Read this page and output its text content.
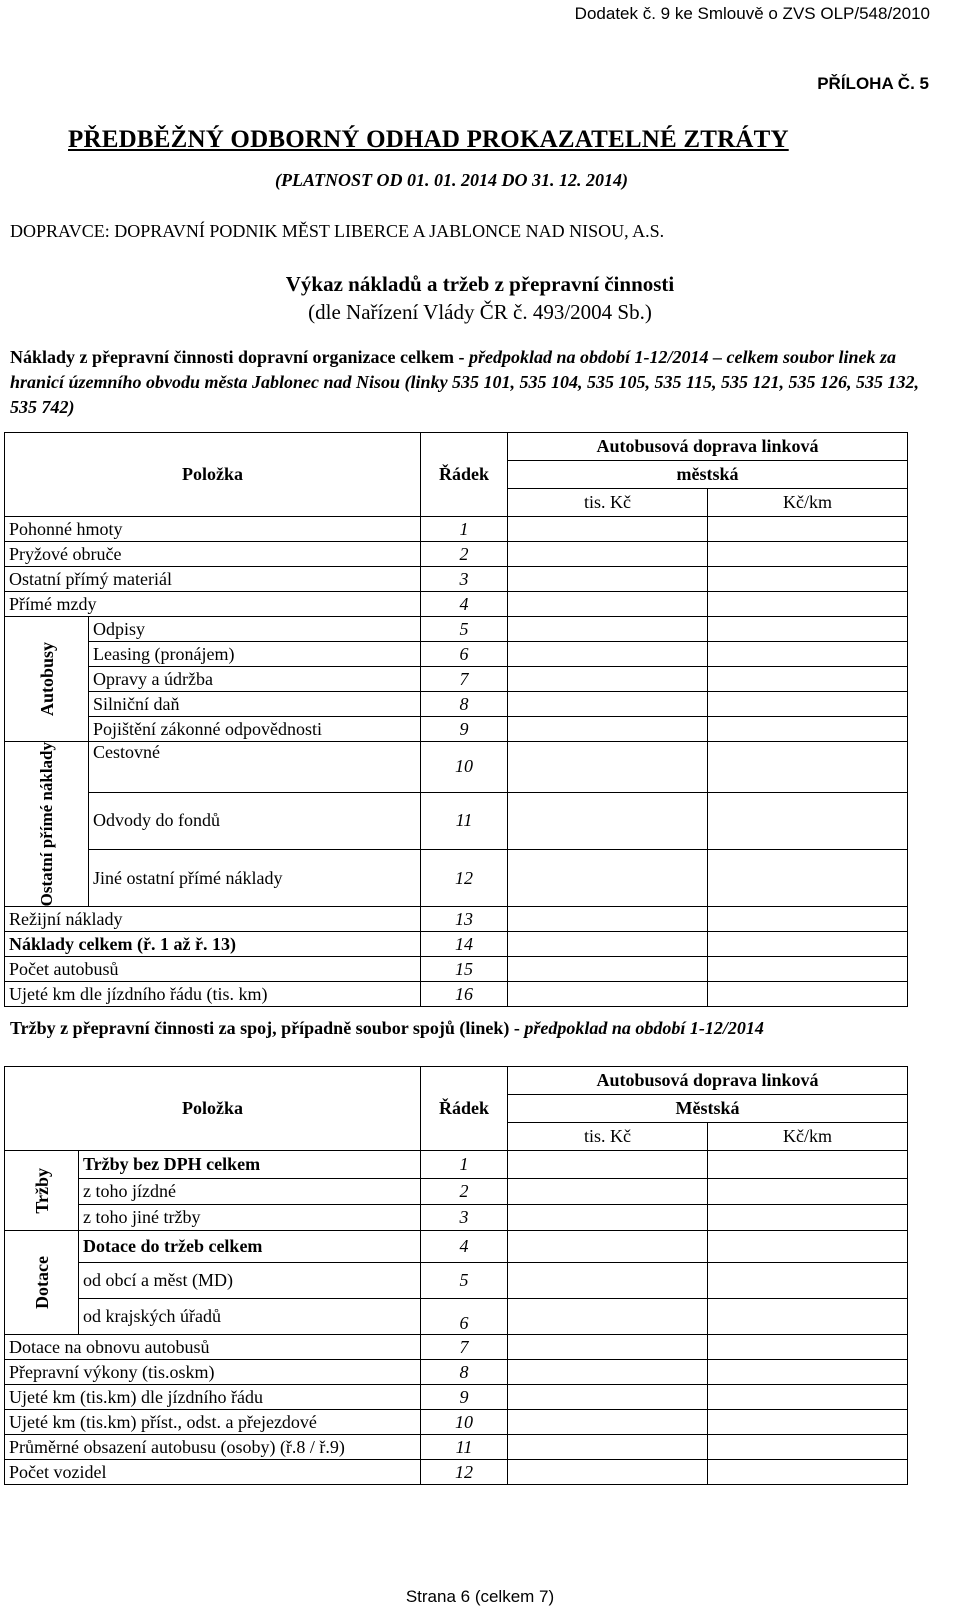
Dodatek č. 9 ke Smlouvě o ZVS OLP/548/2010
PŘÍLOHA Č. 5
PŘEDBĚŽNÝ ODBORNÝ ODHAD PROKAZATELNÉ ZTRÁTY
(PLATNOST OD 01. 01. 2014 DO 31. 12. 2014)
DOPRAVCE: DOPRAVNÍ PODNIK MĚST LIBERCE A JABLONCE NAD NISOU, A.S.
Výkaz nákladů a tržeb z přepravní činnosti
(dle Nařízení Vlády ČR č. 493/2004 Sb.)
Náklady z přepravní činnosti dopravní organizace celkem - předpoklad na období 1-12/2014 – celkem soubor linek za hranicí územního obvodu města Jablonec nad Nisou (linky 535 101, 535 104, 535 105, 535 115, 535 121, 535 126, 535 132, 535 742)
Položka		Řádek	Autobusová doprava linková	
			městská	
			tis. Kč	Kč/km
Pohonné hmoty		1		
Pryžové obruče		2		
Ostatní přímý materiál		3		
Přímé mzdy		4		

Autobusy	Odpisy	5		
	Leasing (pronájem)	6		
	Opravy a údržba	7		
	Silniční daň	8		
	Pojištění zákonné odpovědnosti	9		

Ostatní přímé náklady	Cestovné	10		
	Odvody do fondů	11		
	Jiné ostatní přímé náklady	12		
Režijní náklady		13		
Náklady celkem (ř. 1 až ř. 13)		14		
Počet autobusů		15		
Ujeté km dle jízdního řádu (tis. km)		16		
Tržby z přepravní činnosti za spoj, případně soubor spojů (linek) - předpoklad na období 1-12/2014
Položka		Řádek	Autobusová doprava linková	
			Městská	
			tis. Kč	Kč/km

Tržby	Tržby bez DPH celkem	1		
	z toho jízdné	2		
	z toho jiné tržby	3		

Dotace	Dotace do tržeb celkem	4		
	od obcí a měst (MD)	5		
	od krajských úřadů	6		
Dotace na obnovu autobusů		7		
Přepravní výkony (tis.oskm)		8		
Ujeté km (tis.km) dle jízdního řádu		9		
Ujeté km (tis.km) příst., odst. a přejezdové		10		
Průměrné obsazení autobusu (osoby) (ř.8 / ř.9)		11		
Počet vozidel		12		
Strana 6 (celkem 7)
